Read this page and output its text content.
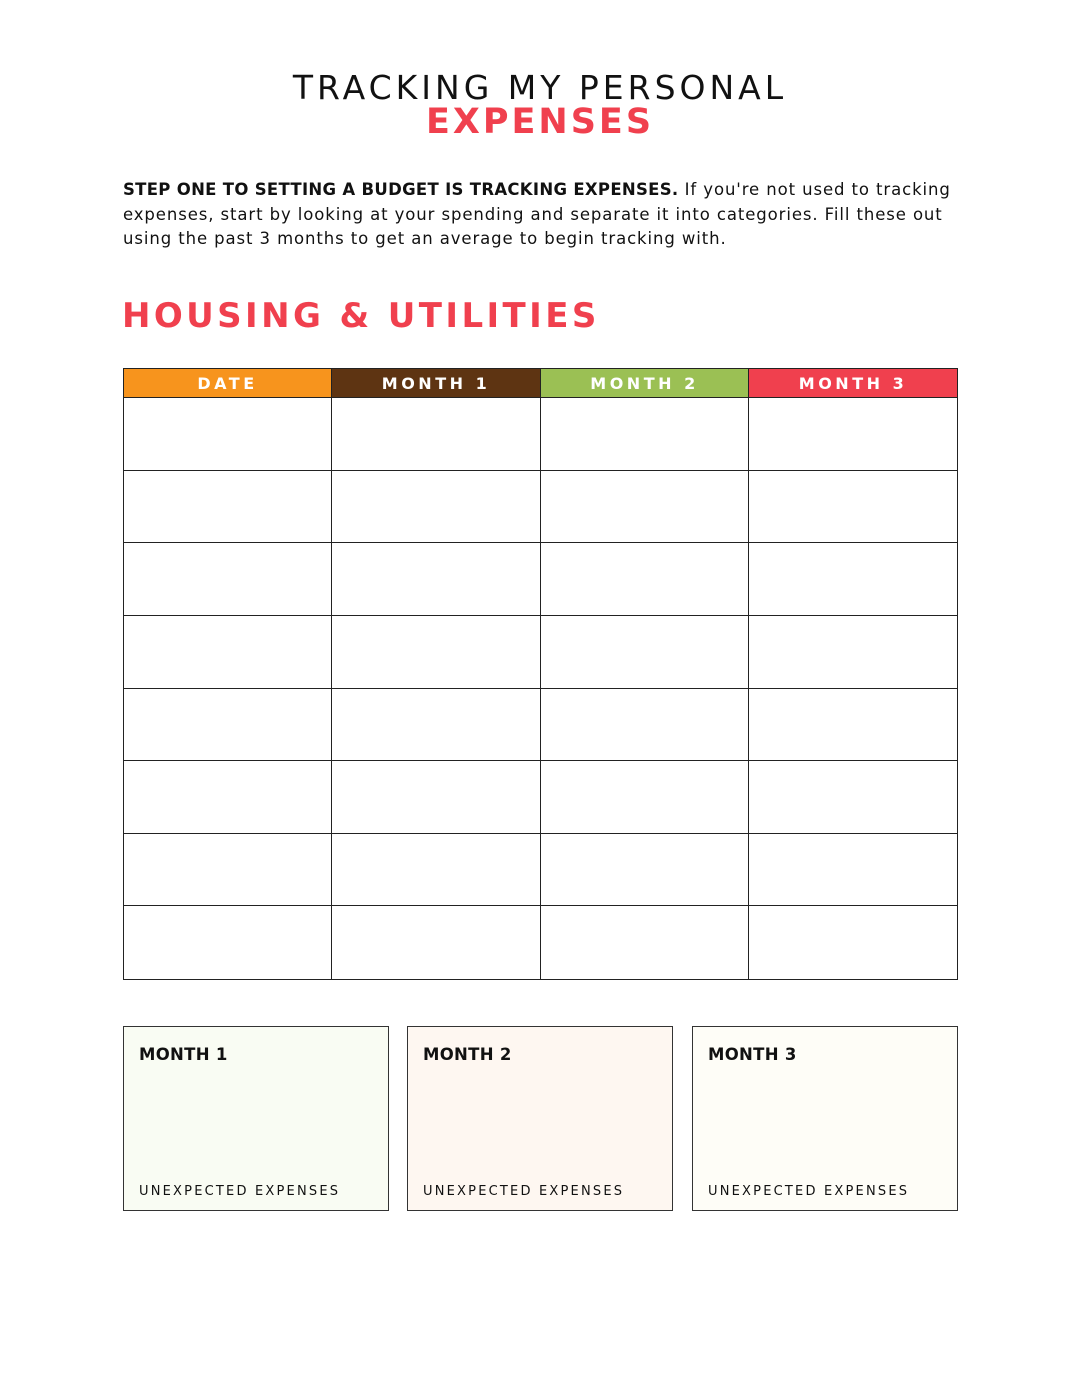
TRACKING MY PERSONAL
EXPENSES
STEP ONE TO SETTING A BUDGET IS TRACKING EXPENSES. If you're not used to tracking expenses, start by looking at your spending and separate it into categories. Fill these out using the past 3 months to get an average to begin tracking with.
HOUSING & UTILITIES
DATE	MONTH 1	MONTH 2	MONTH 3
MONTH 1
UNEXPECTED EXPENSES
MONTH 2
UNEXPECTED EXPENSES
MONTH 3
UNEXPECTED EXPENSES
